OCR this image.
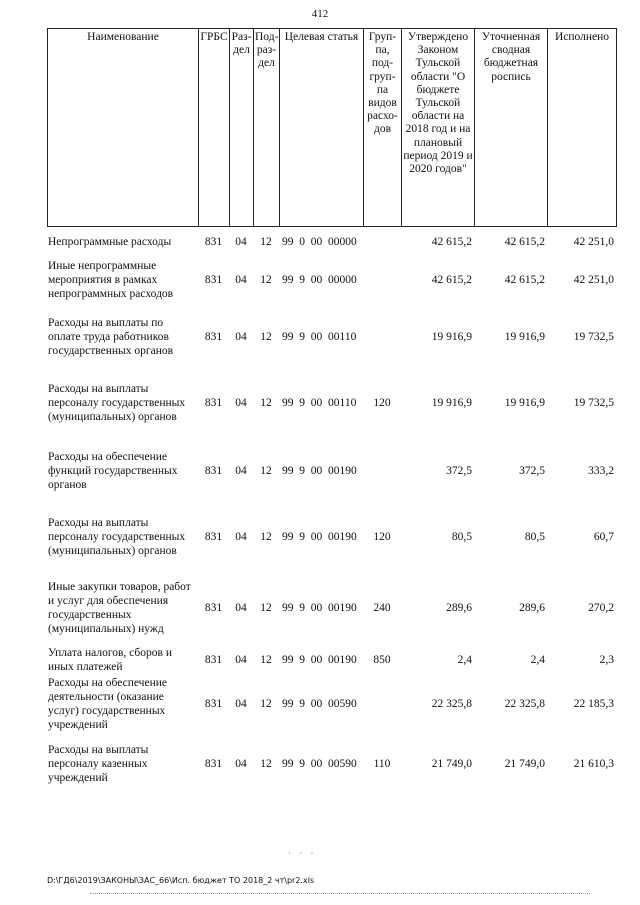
412
Наименование	ГРБС	Раз- дел	Под- раз- дел	Целевая статья	Груп- па, под- груп- па видов расхо- дов	Утверждено Законом Тульской области "О бюджете Тульской области на 2018 год и на плановый период 2019 и 2020 годов"	Уточненная сводная бюджетная роспись	Исполнено
Непрограммные расходы	831	04	12	99  0  00  00000		42 615,2	42 615,2	42 251,0
Иные непрограммные мероприятия в рамках непрограммных расходов	831	04	12	99  9  00  00000		42 615,2	42 615,2	42 251,0
Расходы на выплаты по оплате труда работников государственных органов	831	04	12	99  9  00  00110		19 916,9	19 916,9	19 732,5
Расходы на выплаты персоналу государственных (муниципальных) органов	831	04	12	99  9  00  00110	120	19 916,9	19 916,9	19 732,5
Расходы на обеспечение функций государственных органов	831	04	12	99  9  00  00190		372,5	372,5	333,2
Расходы на выплаты персоналу государственных (муниципальных) органов	831	04	12	99  9  00  00190	120	80,5	80,5	60,7
Иные закупки товаров, работ и услуг для обеспечения государственных (муниципальных) нужд	831	04	12	99  9  00  00190	240	289,6	289,6	270,2
Уплата налогов, сборов и иных платежей	831	04	12	99  9  00  00190	850	2,4	2,4	2,3
Расходы на обеспечение деятельности (оказание услуг) государственных учреждений	831	04	12	99  9  00  00590		22 325,8	22 325,8	22 185,3
Расходы на выплаты персоналу казенных учреждений	831	04	12	99  9  00  00590	110	21 749,0	21 749,0	21 610,3
· · ·
D:\ГД6\2019\ЗАКОНЫ\ЗАС_66\Исп. бюджет ТО 2018_2 чт\pr2.xls
